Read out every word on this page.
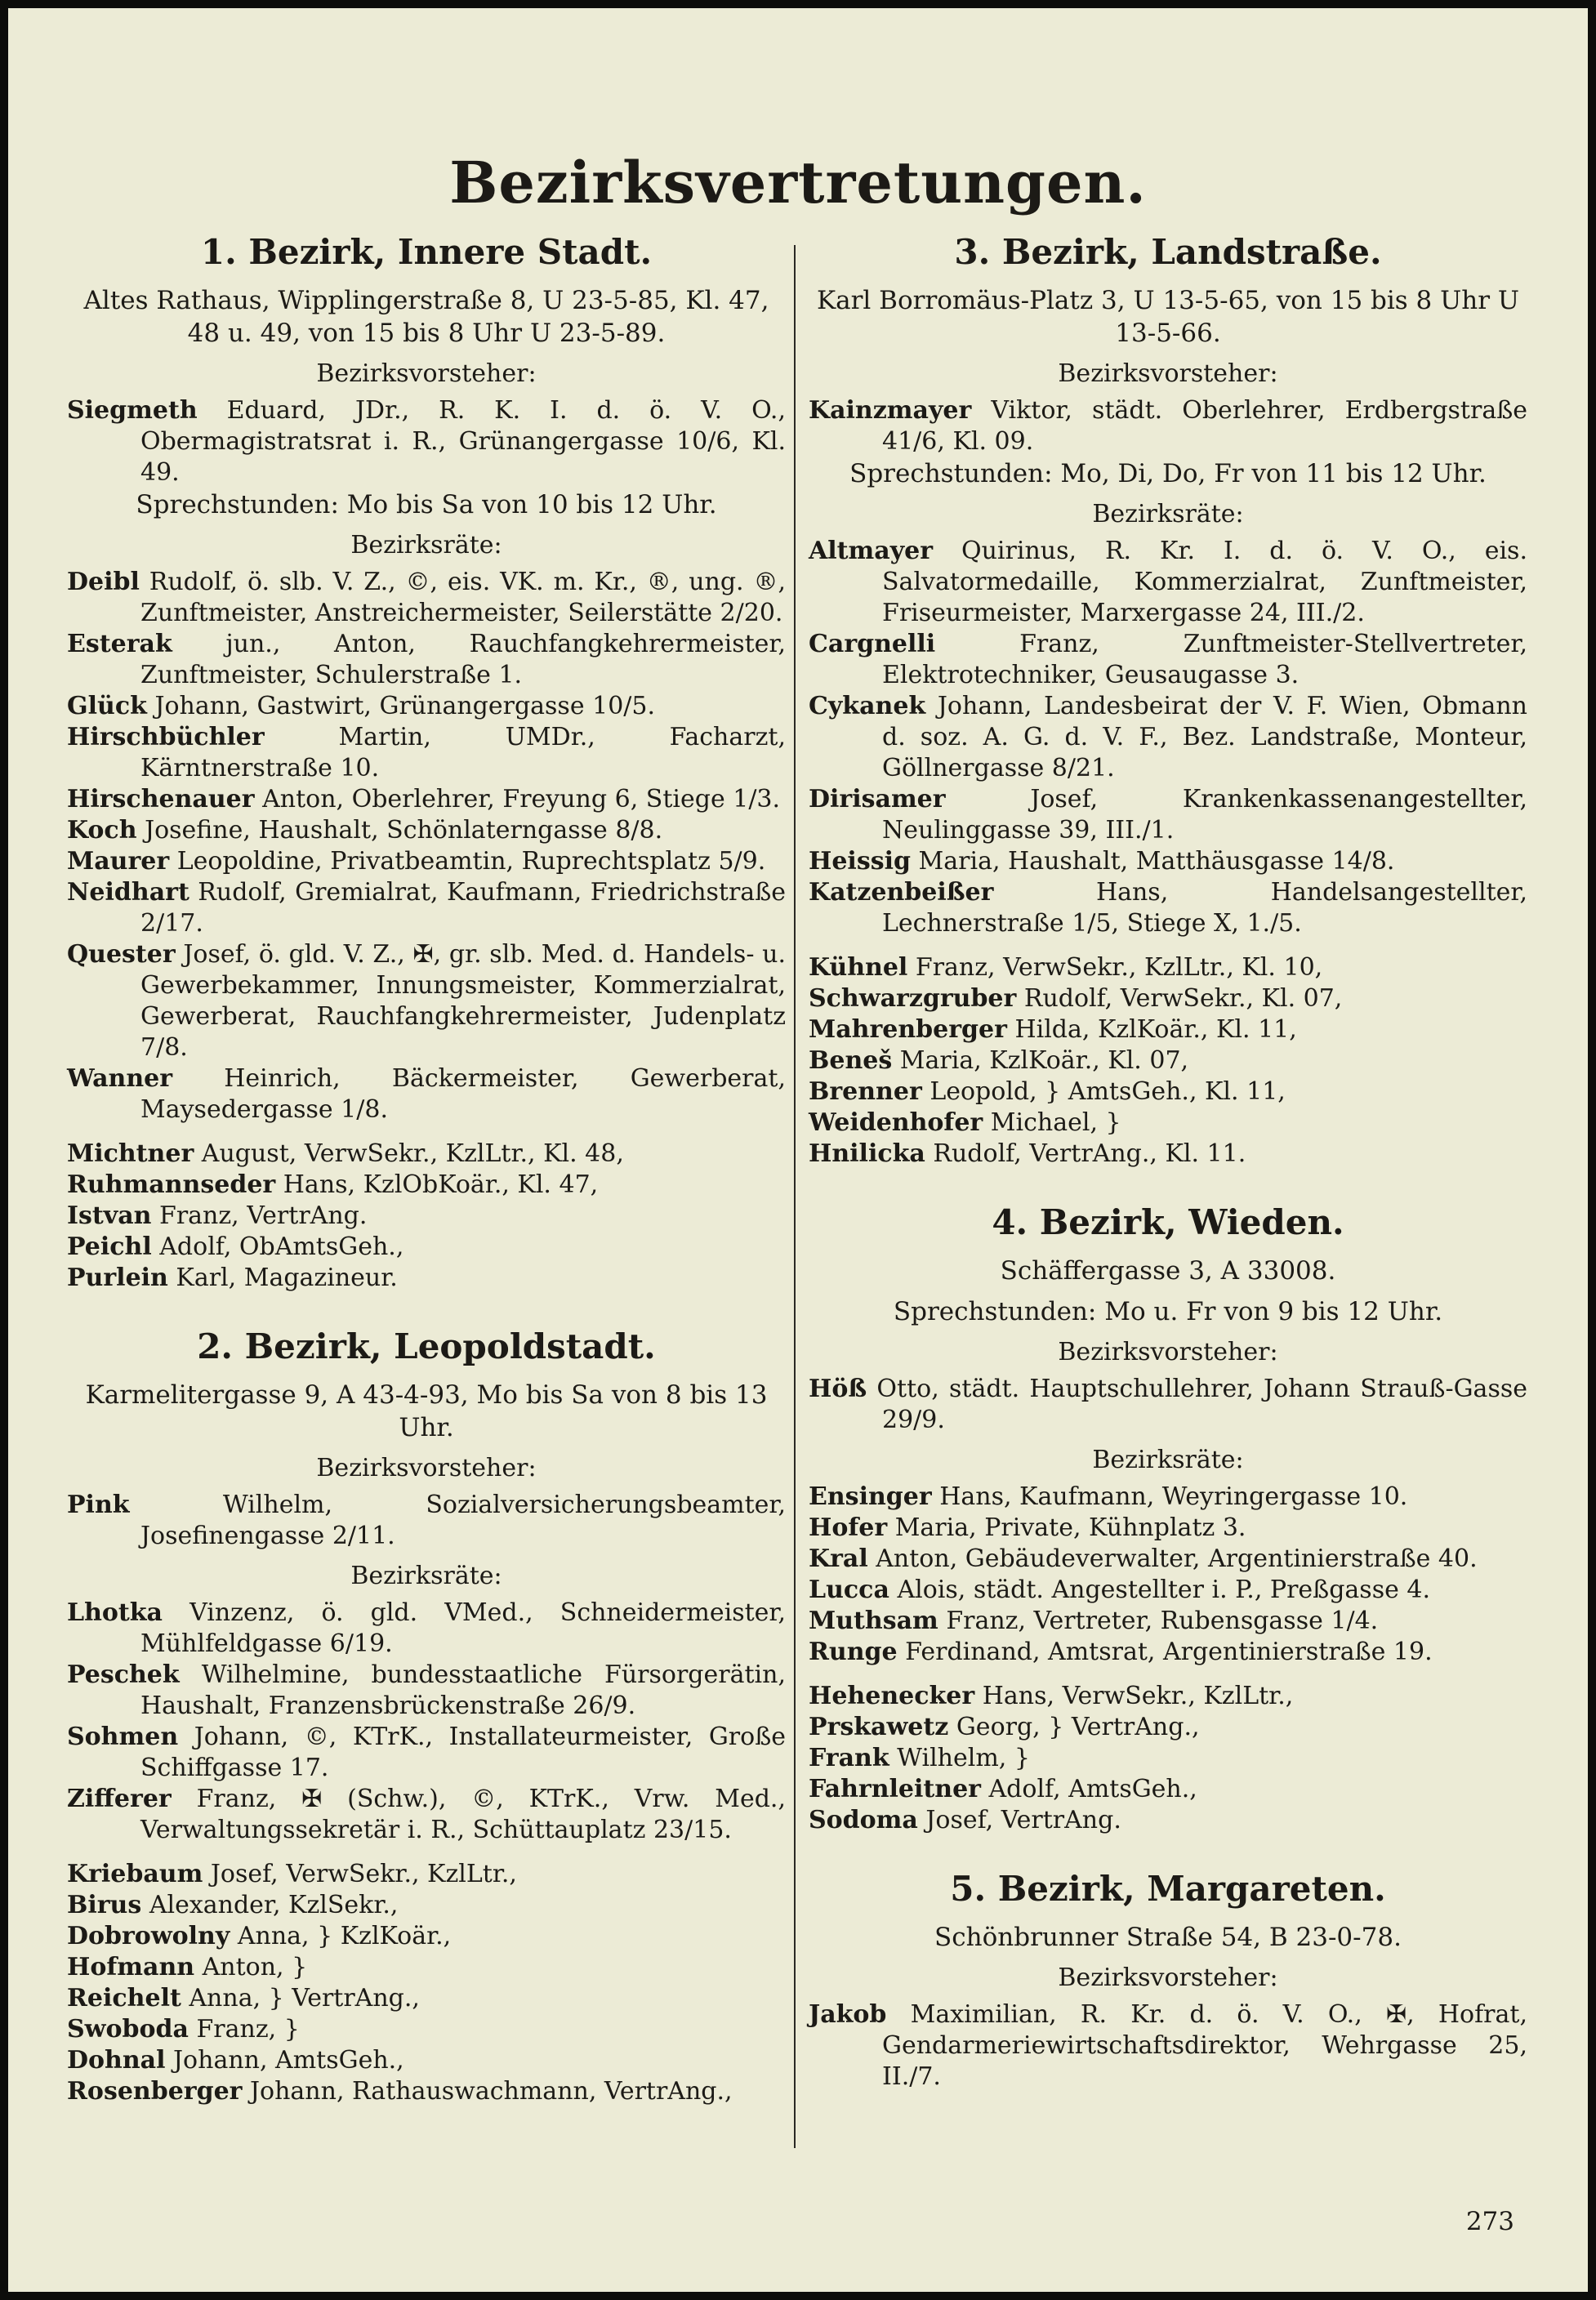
Bezirksvertretungen.
1. Bezirk, Innere Stadt.
Altes Rathaus, Wipplingerstraße 8, U 23-5-85, Kl. 47, 48 u. 49, von 15 bis 8 Uhr U 23-5-89.
Bezirksvorsteher:

Siegmeth Eduard, JDr., R. K. I. d. ö. V. O., Obermagistratsrat i. R., Grünangergasse 10/6, Kl. 49.

Sprechstunden: Mo bis Sa von 10 bis 12 Uhr.
Bezirksräte:

Deibl Rudolf, ö. slb. V. Z., ©, eis. VK. m. Kr., ®, ung. ®, Zunftmeister, Anstreichermeister, Seilerstätte 2/20.

Esterak jun., Anton, Rauchfangkehrermeister, Zunftmeister, Schulerstraße 1.

Glück Johann, Gastwirt, Grünangergasse 10/5.

Hirschbüchler	Martin, UMDr., Facharzt, Kärntnerstraße 10.

Hirschenauer Anton, Oberlehrer, Freyung 6, Stiege 1/3.

Koch Josefine, Haushalt, Schönlaterngasse 8/8.

Maurer Leopoldine, Privatbeamtin, Ruprechtsplatz 5/9.

Neidhart Rudolf, Gremialrat, Kaufmann, Friedrichstraße 2/17.

Quester Josef, ö. gld. V. Z., ✠, gr. slb. Med. d. Handels- u. Gewerbekammer, Innungsmeister, Kommerzialrat, Gewerberat, Rauchfangkehrermeister, Judenplatz 7/8.

Wanner Heinrich, Bäckermeister, Gewerberat, Maysedergasse 1/8.

Michtner August, VerwSekr., KzlLtr., Kl. 48,

Ruhmannseder Hans, KzlObKoär., Kl. 47,

Istvan Franz, VertrAng.

Peichl Adolf, ObAmtsGeh.,

Purlein Karl, Magazineur.

2. Bezirk, Leopoldstadt.
Karmelitergasse 9, A 43-4-93, Mo bis Sa von 8 bis 13 Uhr.
Bezirksvorsteher:

Pink	Wilhelm, Sozialversicherungsbeamter, Josefinengasse 2/11.

Bezirksräte:

Lhotka Vinzenz, ö. gld. VMed., Schneidermeister, Mühlfeldgasse 6/19.

Peschek Wilhelmine, bundesstaatliche Fürsorgerätin, Haushalt, Franzensbrückenstraße 26/9.

Sohmen Johann, ©, KTrK., Installateurmeister, Große Schiffgasse 17.

Zifferer Franz, ✠ (Schw.), ©, KTrK., Vrw. Med., Verwaltungssekretär i. R., Schüttauplatz 23/15.

Kriebaum Josef, VerwSekr., KzlLtr.,

Birus Alexander, KzlSekr.,

Dobrowolny Anna, } KzlKoär.,

Hofmann Anton, }

Reichelt Anna, } VertrAng.,

Swoboda Franz, }

Dohnal Johann, AmtsGeh.,

Rosenberger Johann, Rathauswachmann, VertrAng.,

3. Bezirk, Landstraße.
Karl Borromäus-Platz 3, U 13-5-65, von 15 bis 8 Uhr U 13-5-66.
Bezirksvorsteher:

Kainzmayer Viktor, städt. Oberlehrer, Erdbergstraße 41/6, Kl. 09.

Sprechstunden: Mo, Di, Do, Fr von 11 bis 12 Uhr.
Bezirksräte:

Altmayer Quirinus, R. Kr. I. d. ö. V. O., eis. Salvatormedaille, Kommerzialrat, Zunftmeister, Friseurmeister, Marxergasse 24, III./2.

Cargnelli	Franz, Zunftmeister-Stellvertreter, Elektrotechniker, Geusaugasse 3.

Cykanek Johann, Landesbeirat der V. F. Wien, Obmann d. soz. A. G. d. V. F., Bez. Landstraße, Monteur, Göllnergasse 8/21.

Dirisamer	Josef, Krankenkassenangestellter, Neulinggasse 39, III./1.

Heissig Maria, Haushalt, Matthäusgasse 14/8.

Katzenbeißer	Hans, Handelsangestellter, Lechnerstraße 1/5, Stiege X, 1./5.

Kühnel Franz, VerwSekr., KzlLtr., Kl. 10,

Schwarzgruber Rudolf, VerwSekr., Kl. 07,

Mahrenberger Hilda, KzlKoär., Kl. 11,

Beneš Maria, KzlKoär., Kl. 07,

Brenner Leopold, } AmtsGeh., Kl. 11,

Weidenhofer Michael, }

Hnilicka Rudolf, VertrAng., Kl. 11.

4. Bezirk, Wieden.
Schäffergasse 3, A 33008.
Sprechstunden: Mo u. Fr von 9 bis 12 Uhr.
Bezirksvorsteher:

Höß Otto, städt. Hauptschullehrer, Johann Strauß-Gasse 29/9.

Bezirksräte:

Ensinger Hans, Kaufmann, Weyringergasse 10.

Hofer Maria, Private, Kühnplatz 3.

Kral Anton, Gebäudeverwalter, Argentinierstraße 40.

Lucca Alois, städt. Angestellter i. P., Preßgasse 4.

Muthsam Franz, Vertreter, Rubensgasse 1/4.

Runge Ferdinand, Amtsrat, Argentinierstraße 19.

Hehenecker Hans, VerwSekr., KzlLtr.,

Prskawetz Georg, } VertrAng.,

Frank Wilhelm, }

Fahrnleitner Adolf, AmtsGeh.,

Sodoma Josef, VertrAng.

5. Bezirk, Margareten.
Schönbrunner Straße 54, B 23-0-78.
Bezirksvorsteher:

Jakob Maximilian, R. Kr. d. ö. V. O., ✠, Hofrat, Gendarmeriewirtschaftsdirektor, Wehrgasse 25, II./7.

273
